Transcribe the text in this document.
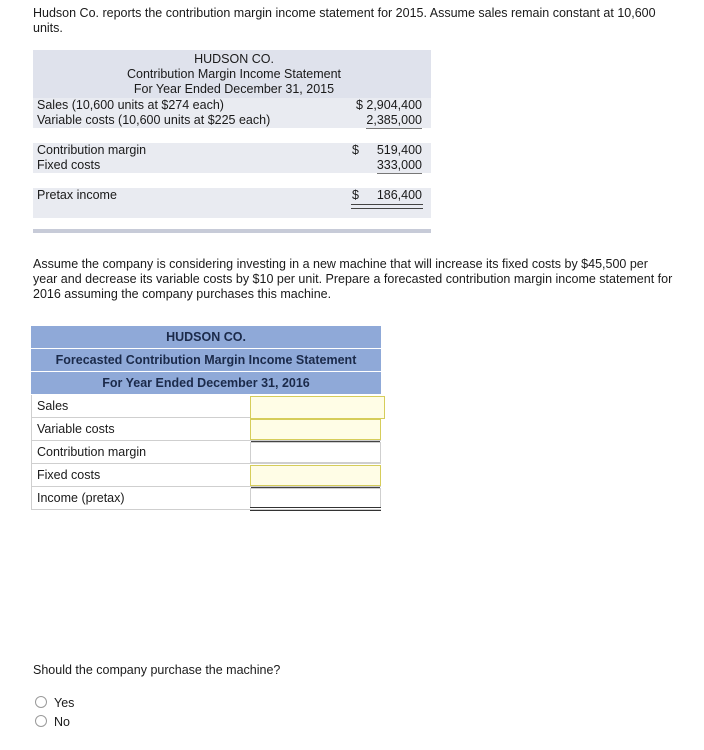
Hudson Co. reports the contribution margin income statement for 2015. Assume sales remain constant at 10,600 units.
HUDSON CO.
Contribution Margin Income Statement
For Year Ended December 31, 2015
Sales (10,600 units at $274 each)	$ 2,904,400
Variable costs (10,600 units at $225 each)	2,385,000
Contribution margin	$ 519,400
Fixed costs	333,000
Pretax income	$ 186,400
Assume the company is considering investing in a new machine that will increase its fixed costs by $45,500 per year and decrease its variable costs by $10 per unit. Prepare a forecasted contribution margin income statement for 2016 assuming the company purchases this machine.
HUDSON CO.
Forecasted Contribution Margin Income Statement
For Year Ended December 31, 2016
Sales
Variable costs
Contribution margin
Fixed costs
Income (pretax)
Should the company purchase the machine?
Yes
No
